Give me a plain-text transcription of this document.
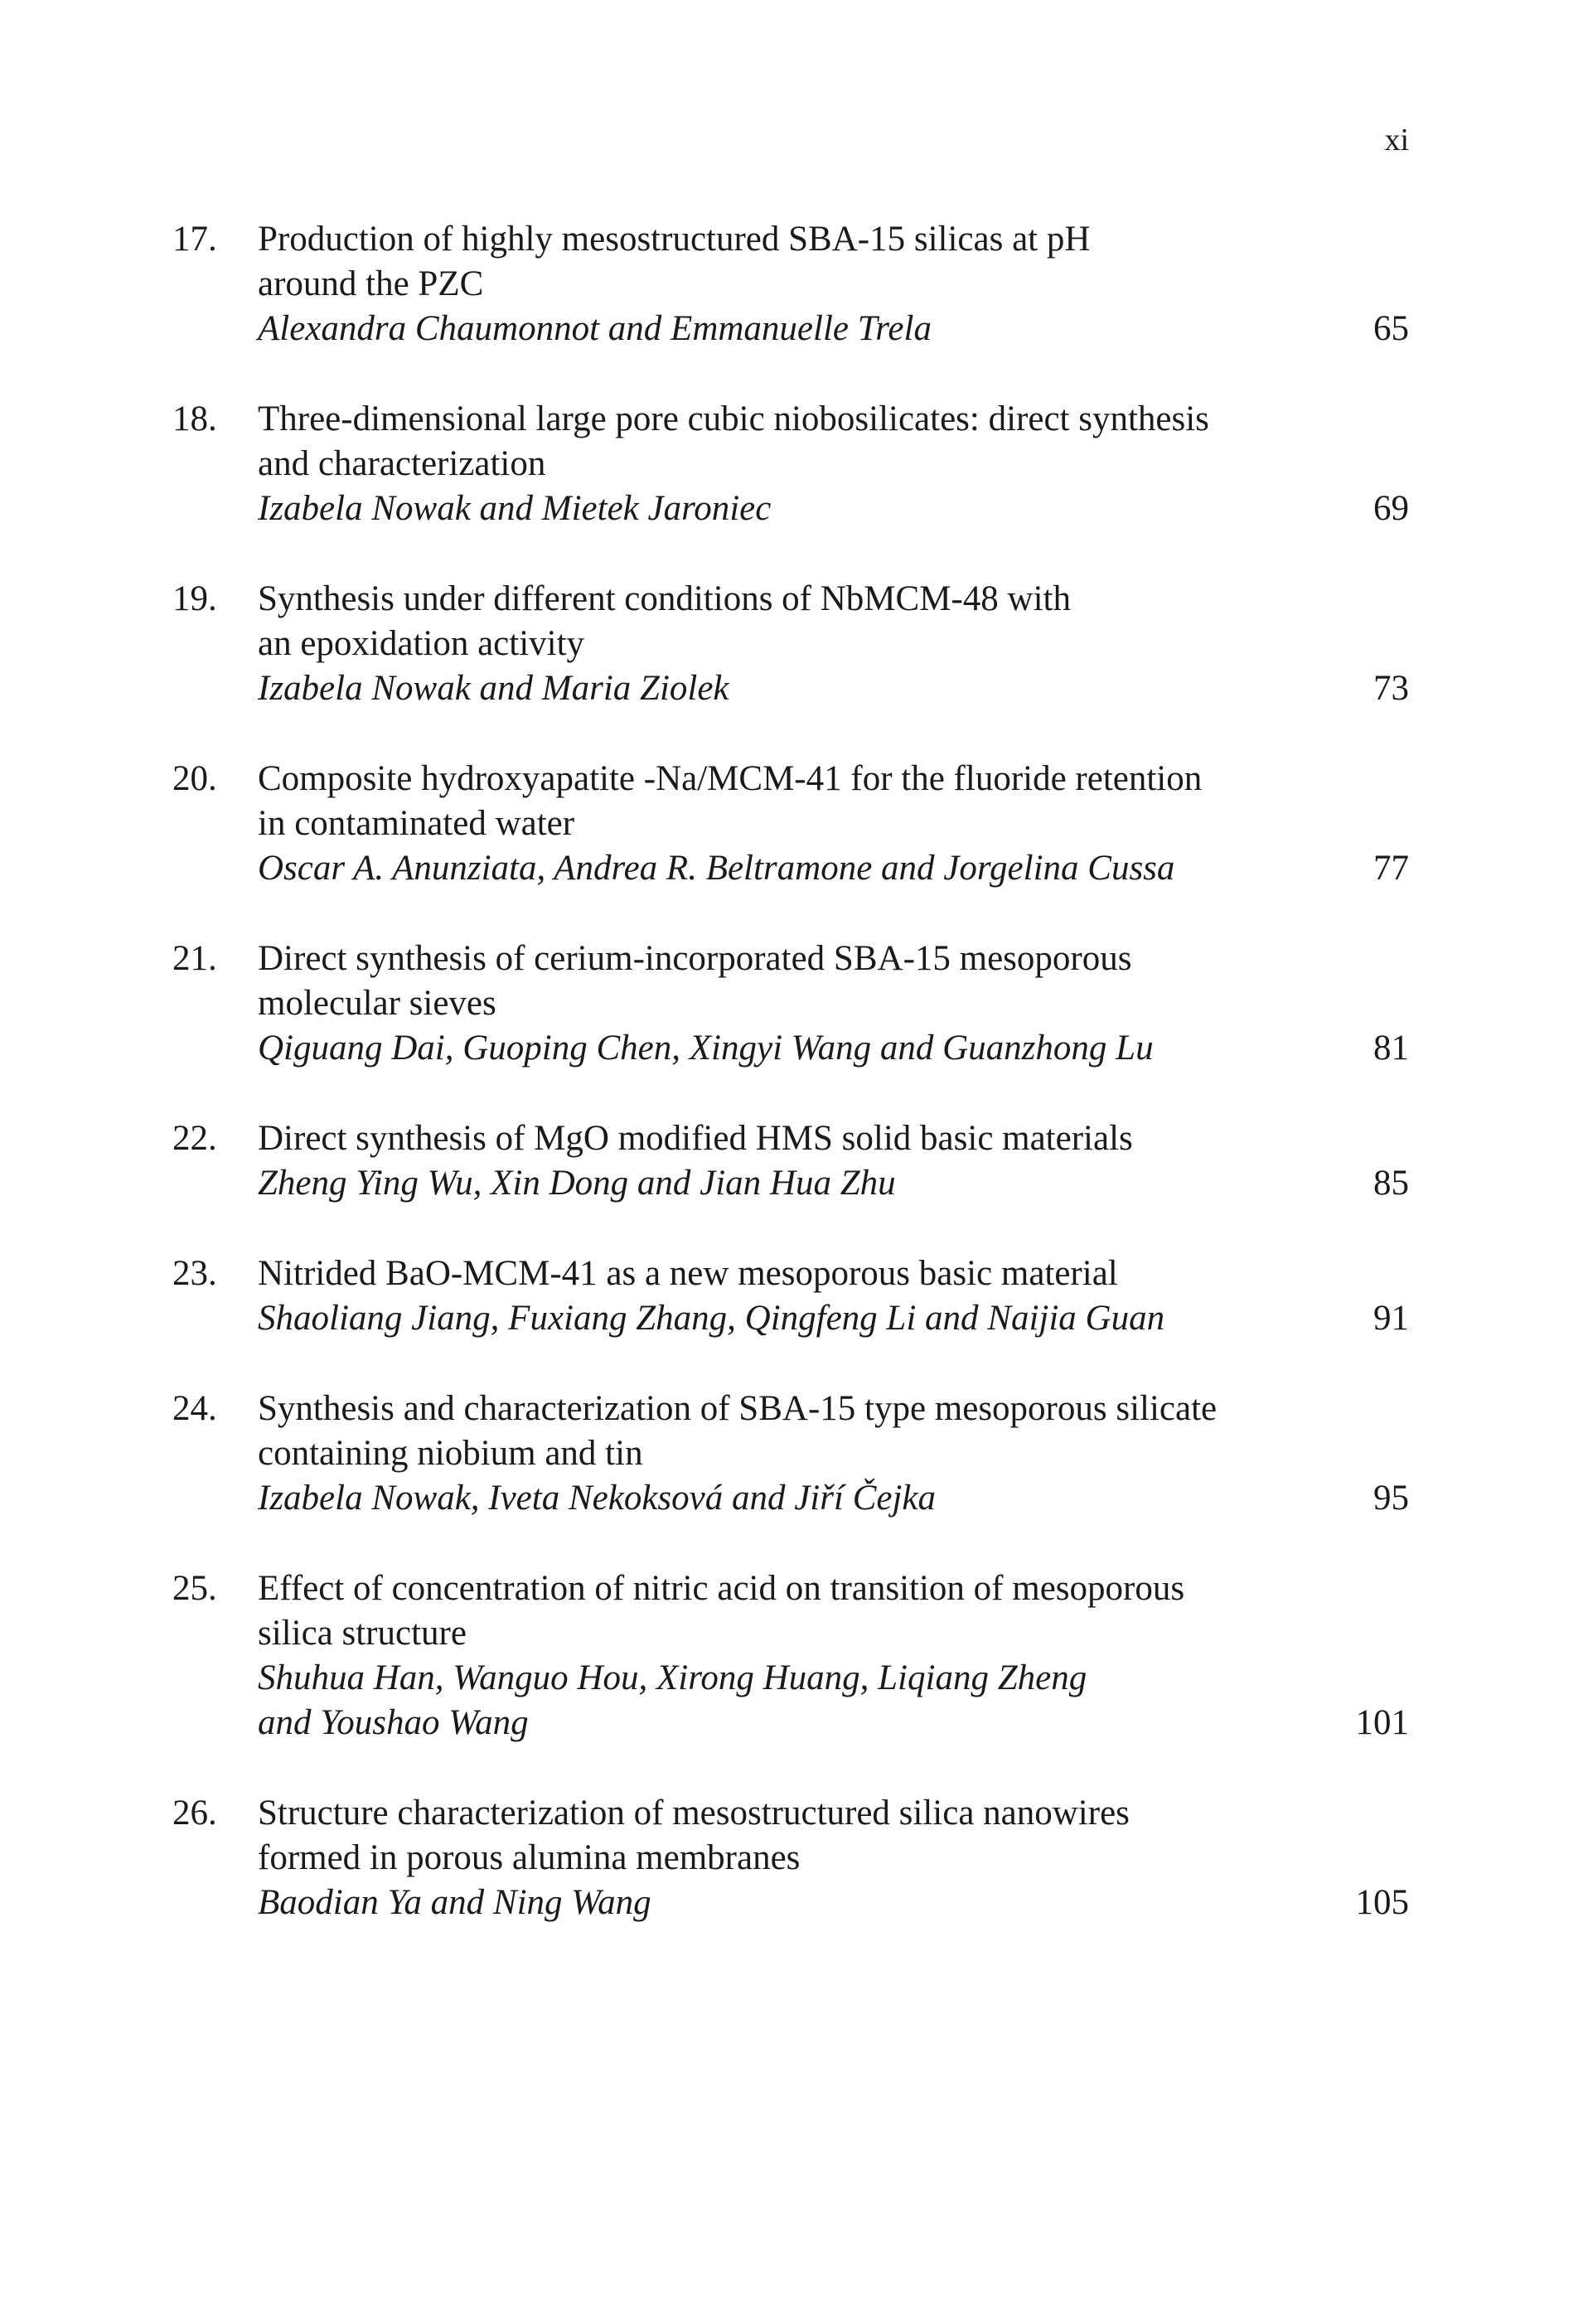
xi
17. Production of highly mesostructured SBA-15 silicas at pH
around the PZC
Alexandra Chaumonnot and Emmanuelle Trela	65
18. Three-dimensional large pore cubic niobosilicates: direct synthesis
and characterization
Izabela Nowak and Mietek Jaroniec	69
19. Synthesis under different conditions of NbMCM-48 with
an epoxidation activity
Izabela Nowak and Maria Ziolek	73
20. Composite hydroxyapatite -Na/MCM-41 for the fluoride retention
in contaminated water
Oscar A. Anunziata, Andrea R. Beltramone and Jorgelina Cussa	77
21. Direct synthesis of cerium-incorporated SBA-15 mesoporous
molecular sieves
Qiguang Dai, Guoping Chen, Xingyi Wang and Guanzhong Lu	81
22. Direct synthesis of MgO modified HMS solid basic materials
Zheng Ying Wu, Xin Dong and Jian Hua Zhu	85
23. Nitrided BaO-MCM-41 as a new mesoporous basic material
Shaoliang Jiang, Fuxiang Zhang, Qingfeng Li and Naijia Guan	91
24. Synthesis and characterization of SBA-15 type mesoporous silicate
containing niobium and tin
Izabela Nowak, Iveta Nekoksová and Jiří Čejka	95
25. Effect of concentration of nitric acid on transition of mesoporous
silica structure
Shuhua Han, Wanguo Hou, Xirong Huang, Liqiang Zheng
and Youshao Wang	101
26. Structure characterization of mesostructured silica nanowires
formed in porous alumina membranes
Baodian Ya and Ning Wang	105
